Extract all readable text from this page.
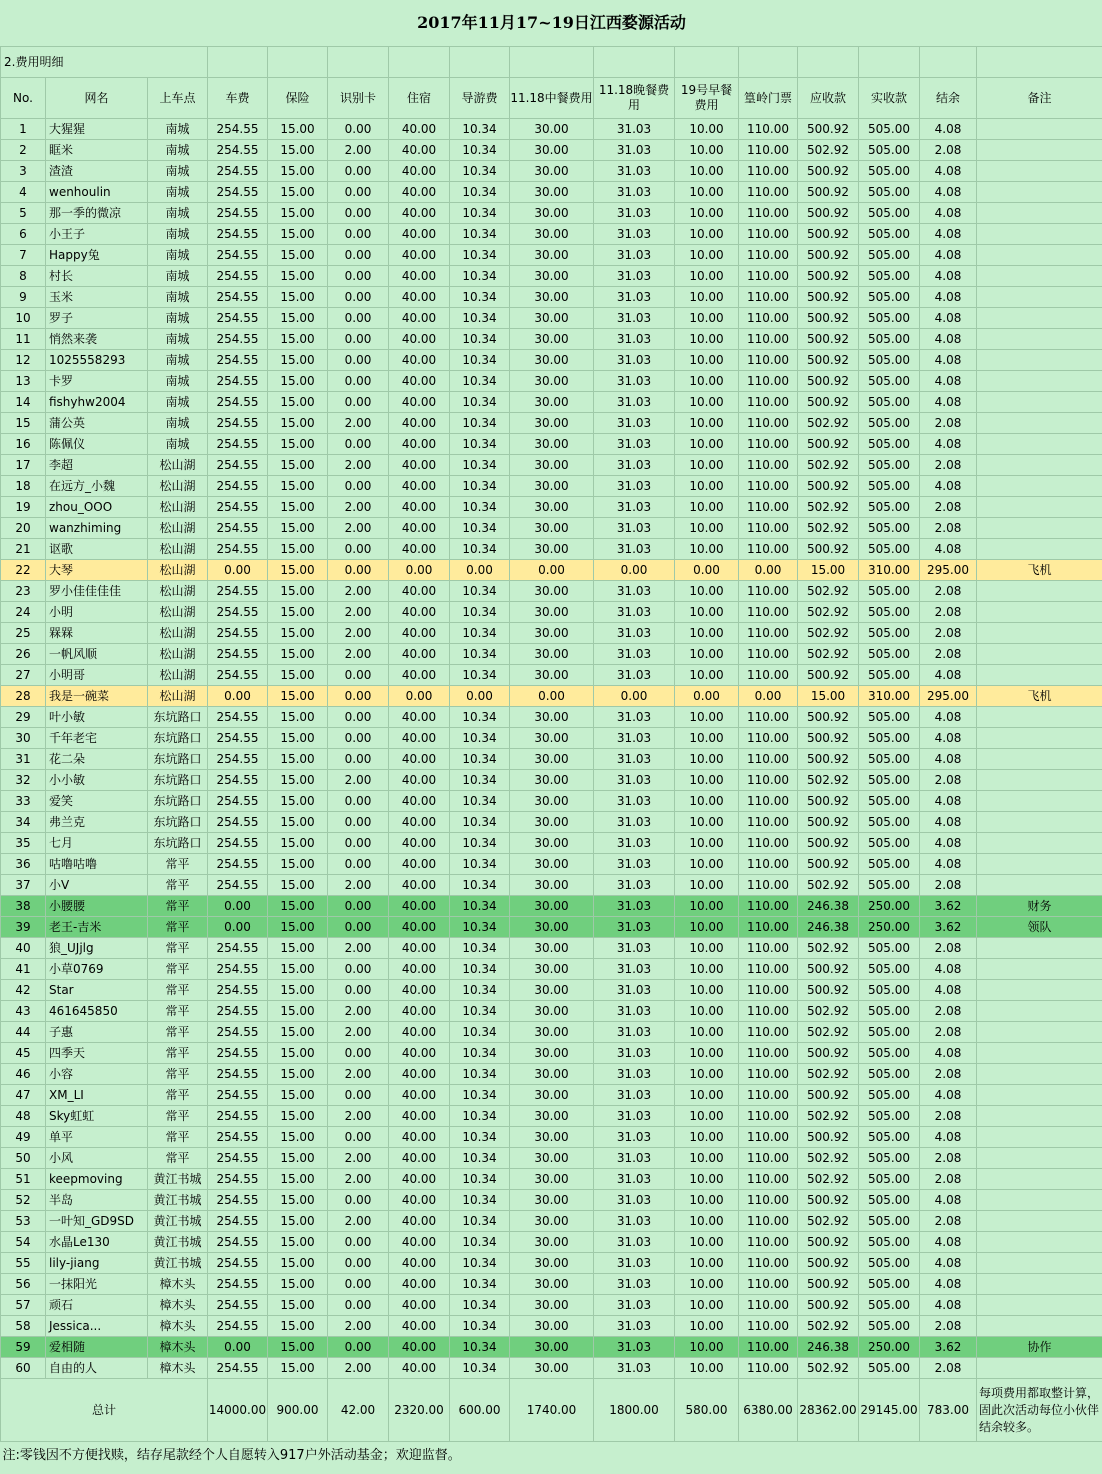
2017年11月17~19日江西婺源活动															
2.费用明细															
No.	网名	上车点	车费	保险	识别卡	住宿	导游费	11.18中餐费用	11.18晚餐费用	19号早餐费用	篁岭门票	应收款	实收款	结余	备注
1	大猩猩	南城	254.55	15.00	0.00	40.00	10.34	30.00	31.03	10.00	110.00	500.92	505.00	4.08	
2	眶米	南城	254.55	15.00	2.00	40.00	10.34	30.00	31.03	10.00	110.00	502.92	505.00	2.08	
3	渣渣	南城	254.55	15.00	0.00	40.00	10.34	30.00	31.03	10.00	110.00	500.92	505.00	4.08	
4	wenhoulin	南城	254.55	15.00	0.00	40.00	10.34	30.00	31.03	10.00	110.00	500.92	505.00	4.08	
5	那一季的微凉	南城	254.55	15.00	0.00	40.00	10.34	30.00	31.03	10.00	110.00	500.92	505.00	4.08	
6	小王子	南城	254.55	15.00	0.00	40.00	10.34	30.00	31.03	10.00	110.00	500.92	505.00	4.08	
7	Happy兔	南城	254.55	15.00	0.00	40.00	10.34	30.00	31.03	10.00	110.00	500.92	505.00	4.08	
8	村长	南城	254.55	15.00	0.00	40.00	10.34	30.00	31.03	10.00	110.00	500.92	505.00	4.08	
9	玉米	南城	254.55	15.00	0.00	40.00	10.34	30.00	31.03	10.00	110.00	500.92	505.00	4.08	
10	罗子	南城	254.55	15.00	0.00	40.00	10.34	30.00	31.03	10.00	110.00	500.92	505.00	4.08	
11	悄然来袭	南城	254.55	15.00	0.00	40.00	10.34	30.00	31.03	10.00	110.00	500.92	505.00	4.08	
12	1025558293	南城	254.55	15.00	0.00	40.00	10.34	30.00	31.03	10.00	110.00	500.92	505.00	4.08	
13	卡罗	南城	254.55	15.00	0.00	40.00	10.34	30.00	31.03	10.00	110.00	500.92	505.00	4.08	
14	fishyhw2004	南城	254.55	15.00	0.00	40.00	10.34	30.00	31.03	10.00	110.00	500.92	505.00	4.08	
15	蒲公英	南城	254.55	15.00	2.00	40.00	10.34	30.00	31.03	10.00	110.00	502.92	505.00	2.08	
16	陈佩仪	南城	254.55	15.00	0.00	40.00	10.34	30.00	31.03	10.00	110.00	500.92	505.00	4.08	
17	李超	松山湖	254.55	15.00	2.00	40.00	10.34	30.00	31.03	10.00	110.00	502.92	505.00	2.08	
18	在远方_小魏	松山湖	254.55	15.00	0.00	40.00	10.34	30.00	31.03	10.00	110.00	500.92	505.00	4.08	
19	zhou_OOO	松山湖	254.55	15.00	2.00	40.00	10.34	30.00	31.03	10.00	110.00	502.92	505.00	2.08	
20	wanzhiming	松山湖	254.55	15.00	2.00	40.00	10.34	30.00	31.03	10.00	110.00	502.92	505.00	2.08	
21	讴歌	松山湖	254.55	15.00	0.00	40.00	10.34	30.00	31.03	10.00	110.00	500.92	505.00	4.08	
22	大琴	松山湖	0.00	15.00	0.00	0.00	0.00	0.00	0.00	0.00	0.00	15.00	310.00	295.00	飞机
23	罗小佳佳佳佳	松山湖	254.55	15.00	2.00	40.00	10.34	30.00	31.03	10.00	110.00	502.92	505.00	2.08	
24	小明	松山湖	254.55	15.00	2.00	40.00	10.34	30.00	31.03	10.00	110.00	502.92	505.00	2.08	
25	槑槑	松山湖	254.55	15.00	2.00	40.00	10.34	30.00	31.03	10.00	110.00	502.92	505.00	2.08	
26	一帆风顺	松山湖	254.55	15.00	2.00	40.00	10.34	30.00	31.03	10.00	110.00	502.92	505.00	2.08	
27	小明哥	松山湖	254.55	15.00	0.00	40.00	10.34	30.00	31.03	10.00	110.00	500.92	505.00	4.08	
28	我是一碗菜	松山湖	0.00	15.00	0.00	0.00	0.00	0.00	0.00	0.00	0.00	15.00	310.00	295.00	飞机
29	叶小敏	东坑路口	254.55	15.00	0.00	40.00	10.34	30.00	31.03	10.00	110.00	500.92	505.00	4.08	
30	千年老宅	东坑路口	254.55	15.00	0.00	40.00	10.34	30.00	31.03	10.00	110.00	500.92	505.00	4.08	
31	花二朵	东坑路口	254.55	15.00	0.00	40.00	10.34	30.00	31.03	10.00	110.00	500.92	505.00	4.08	
32	小小敏	东坑路口	254.55	15.00	2.00	40.00	10.34	30.00	31.03	10.00	110.00	502.92	505.00	2.08	
33	爱笑	东坑路口	254.55	15.00	0.00	40.00	10.34	30.00	31.03	10.00	110.00	500.92	505.00	4.08	
34	弗兰克	东坑路口	254.55	15.00	0.00	40.00	10.34	30.00	31.03	10.00	110.00	500.92	505.00	4.08	
35	七月	东坑路口	254.55	15.00	0.00	40.00	10.34	30.00	31.03	10.00	110.00	500.92	505.00	4.08	
36	咕噜咕噜	常平	254.55	15.00	0.00	40.00	10.34	30.00	31.03	10.00	110.00	500.92	505.00	4.08	
37	小V	常平	254.55	15.00	2.00	40.00	10.34	30.00	31.03	10.00	110.00	502.92	505.00	2.08	
38	小腰腰	常平	0.00	15.00	0.00	40.00	10.34	30.00	31.03	10.00	110.00	246.38	250.00	3.62	财务
39	老王-吉米	常平	0.00	15.00	0.00	40.00	10.34	30.00	31.03	10.00	110.00	246.38	250.00	3.62	领队
40	狼_UJjlg	常平	254.55	15.00	2.00	40.00	10.34	30.00	31.03	10.00	110.00	502.92	505.00	2.08	
41	小草0769	常平	254.55	15.00	0.00	40.00	10.34	30.00	31.03	10.00	110.00	500.92	505.00	4.08	
42	Star	常平	254.55	15.00	0.00	40.00	10.34	30.00	31.03	10.00	110.00	500.92	505.00	4.08	
43	461645850	常平	254.55	15.00	2.00	40.00	10.34	30.00	31.03	10.00	110.00	502.92	505.00	2.08	
44	子惠	常平	254.55	15.00	2.00	40.00	10.34	30.00	31.03	10.00	110.00	502.92	505.00	2.08	
45	四季天	常平	254.55	15.00	0.00	40.00	10.34	30.00	31.03	10.00	110.00	500.92	505.00	4.08	
46	小容	常平	254.55	15.00	2.00	40.00	10.34	30.00	31.03	10.00	110.00	502.92	505.00	2.08	
47	XM_LI	常平	254.55	15.00	0.00	40.00	10.34	30.00	31.03	10.00	110.00	500.92	505.00	4.08	
48	Sky虹虹	常平	254.55	15.00	2.00	40.00	10.34	30.00	31.03	10.00	110.00	502.92	505.00	2.08	
49	单平	常平	254.55	15.00	0.00	40.00	10.34	30.00	31.03	10.00	110.00	500.92	505.00	4.08	
50	小风	常平	254.55	15.00	2.00	40.00	10.34	30.00	31.03	10.00	110.00	502.92	505.00	2.08	
51	keepmoving	黄江书城	254.55	15.00	2.00	40.00	10.34	30.00	31.03	10.00	110.00	502.92	505.00	2.08	
52	半岛	黄江书城	254.55	15.00	0.00	40.00	10.34	30.00	31.03	10.00	110.00	500.92	505.00	4.08	
53	一叶知_GD9SD	黄江书城	254.55	15.00	2.00	40.00	10.34	30.00	31.03	10.00	110.00	502.92	505.00	2.08	
54	水晶Le130	黄江书城	254.55	15.00	0.00	40.00	10.34	30.00	31.03	10.00	110.00	500.92	505.00	4.08	
55	lily-jiang	黄江书城	254.55	15.00	0.00	40.00	10.34	30.00	31.03	10.00	110.00	500.92	505.00	4.08	
56	一抹阳光	樟木头	254.55	15.00	0.00	40.00	10.34	30.00	31.03	10.00	110.00	500.92	505.00	4.08	
57	顽石	樟木头	254.55	15.00	0.00	40.00	10.34	30.00	31.03	10.00	110.00	500.92	505.00	4.08	
58	Jessica...	樟木头	254.55	15.00	2.00	40.00	10.34	30.00	31.03	10.00	110.00	502.92	505.00	2.08	
59	爱相随	樟木头	0.00	15.00	0.00	40.00	10.34	30.00	31.03	10.00	110.00	246.38	250.00	3.62	协作
60	自由的人	樟木头	254.55	15.00	2.00	40.00	10.34	30.00	31.03	10.00	110.00	502.92	505.00	2.08	
总计			14000.00	900.00	42.00	2320.00	600.00	1740.00	1800.00	580.00	6380.00	28362.00	29145.00	783.00	每项费用都取整计算，固此次活动每位小伙伴结余较多。
注:零钱因不方便找赎，结存尾款经个人自愿转入917户外活动基金；欢迎监督。															
